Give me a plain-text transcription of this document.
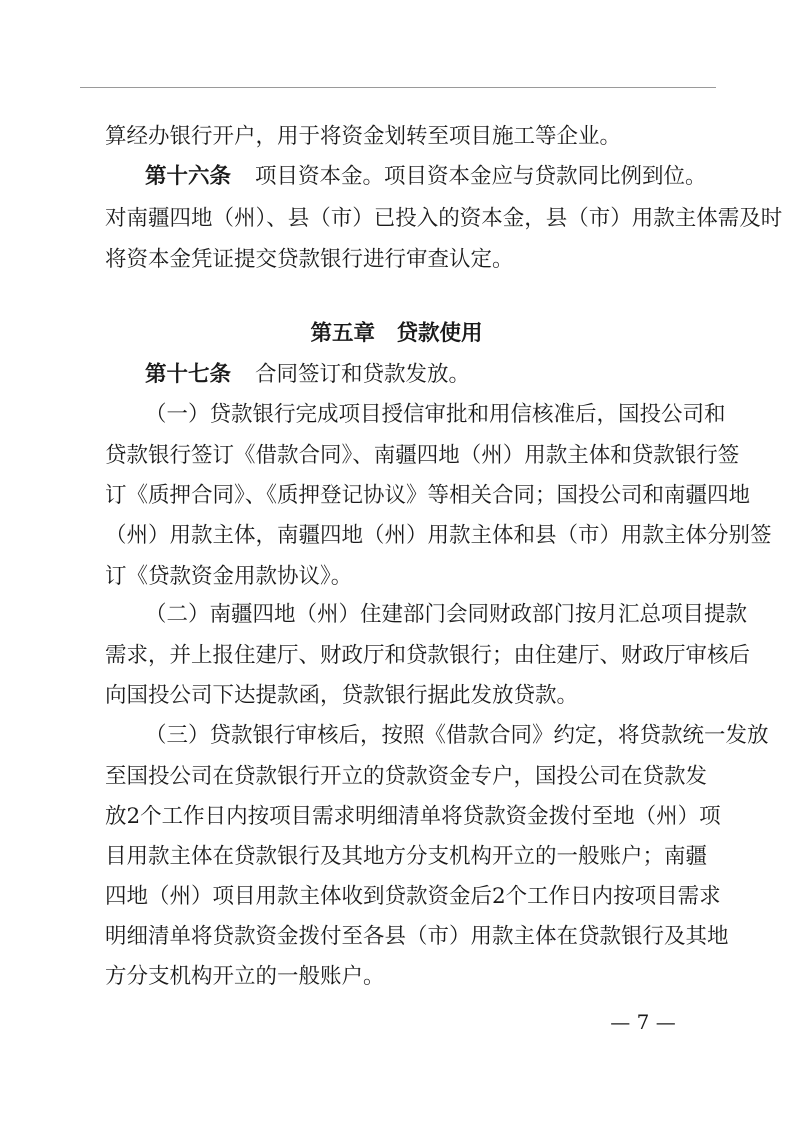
算经办银行开户，用于将资金划转至项目施工等企业。
第十六条 项目资本金。项目资本金应与贷款同比例到位。
对南疆四地（州）、县（市）已投入的资本金，县（市）用款主体需及时
将资本金凭证提交贷款银行进行审查认定。
第五章　贷款使用
第十七条 合同签订和贷款发放。
（一）贷款银行完成项目授信审批和用信核准后，国投公司和
贷款银行签订《借款合同》、南疆四地（州）用款主体和贷款银行签
订《质押合同》、《质押登记协议》等相关合同；国投公司和南疆四地
（州）用款主体，南疆四地（州）用款主体和县（市）用款主体分别签
订《贷款资金用款协议》。
（二）南疆四地（州）住建部门会同财政部门按月汇总项目提款
需求，并上报住建厅、财政厅和贷款银行；由住建厅、财政厅审核后
向国投公司下达提款函，贷款银行据此发放贷款。
（三）贷款银行审核后，按照《借款合同》约定，将贷款统一发放
至国投公司在贷款银行开立的贷款资金专户，国投公司在贷款发
放2个工作日内按项目需求明细清单将贷款资金拨付至地（州）项
目用款主体在贷款银行及其地方分支机构开立的一般账户；南疆
四地（州）项目用款主体收到贷款资金后2个工作日内按项目需求
明细清单将贷款资金拨付至各县（市）用款主体在贷款银行及其地
方分支机构开立的一般账户。
— 7 —
